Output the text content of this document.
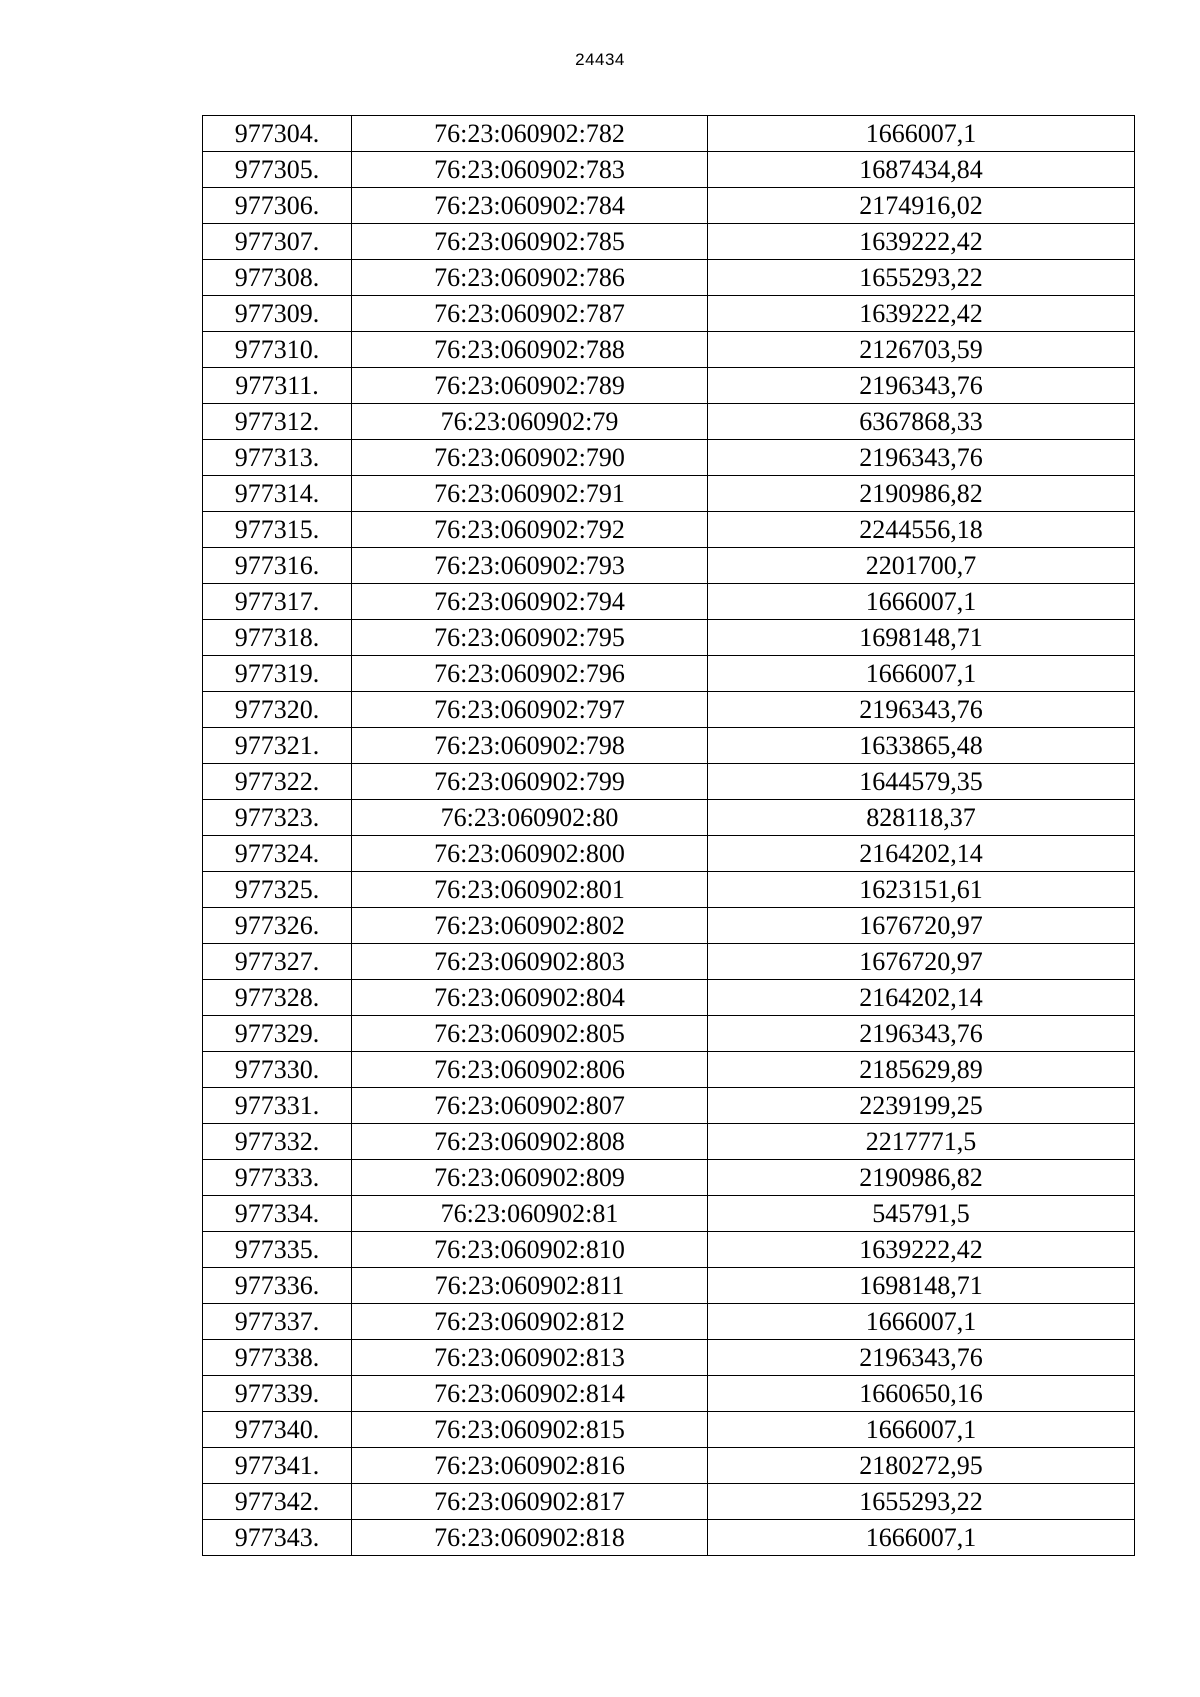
24434
977304.	76:23:060902:782	1666007,1
977305.	76:23:060902:783	1687434,84
977306.	76:23:060902:784	2174916,02
977307.	76:23:060902:785	1639222,42
977308.	76:23:060902:786	1655293,22
977309.	76:23:060902:787	1639222,42
977310.	76:23:060902:788	2126703,59
977311.	76:23:060902:789	2196343,76
977312.	76:23:060902:79	6367868,33
977313.	76:23:060902:790	2196343,76
977314.	76:23:060902:791	2190986,82
977315.	76:23:060902:792	2244556,18
977316.	76:23:060902:793	2201700,7
977317.	76:23:060902:794	1666007,1
977318.	76:23:060902:795	1698148,71
977319.	76:23:060902:796	1666007,1
977320.	76:23:060902:797	2196343,76
977321.	76:23:060902:798	1633865,48
977322.	76:23:060902:799	1644579,35
977323.	76:23:060902:80	828118,37
977324.	76:23:060902:800	2164202,14
977325.	76:23:060902:801	1623151,61
977326.	76:23:060902:802	1676720,97
977327.	76:23:060902:803	1676720,97
977328.	76:23:060902:804	2164202,14
977329.	76:23:060902:805	2196343,76
977330.	76:23:060902:806	2185629,89
977331.	76:23:060902:807	2239199,25
977332.	76:23:060902:808	2217771,5
977333.	76:23:060902:809	2190986,82
977334.	76:23:060902:81	545791,5
977335.	76:23:060902:810	1639222,42
977336.	76:23:060902:811	1698148,71
977337.	76:23:060902:812	1666007,1
977338.	76:23:060902:813	2196343,76
977339.	76:23:060902:814	1660650,16
977340.	76:23:060902:815	1666007,1
977341.	76:23:060902:816	2180272,95
977342.	76:23:060902:817	1655293,22
977343.	76:23:060902:818	1666007,1
